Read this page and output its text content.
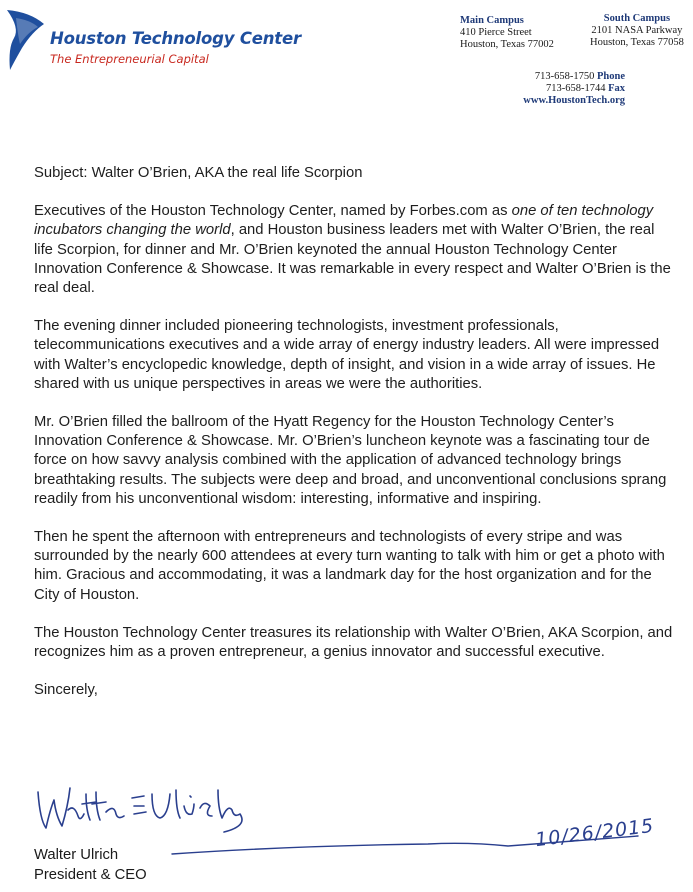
Houston Technology Center
The Entrepreneurial Capital
Main Campus
410 Pierce Street
Houston, Texas 77002
South Campus
2101 NASA Parkway
Houston, Texas 77058
713-658-1750 Phone
713-658-1744 Fax
www.HoustonTech.org

Subject: Walter O’Brien, AKA the real life Scorpion

Executives of the Houston Technology Center, named by Forbes.com as one of ten technology incubators changing the world, and Houston business leaders met with Walter O’Brien, the real life Scorpion, for dinner and Mr. O’Brien keynoted the annual Houston Technology Center Innovation Conference & Showcase. It was remarkable in every respect and Walter O’Brien is the real deal.

The evening dinner included pioneering technologists, investment professionals, telecommunications executives and a wide array of energy industry leaders. All were impressed with Walter’s encyclopedic knowledge, depth of insight, and vision in a wide array of issues. He shared with us unique perspectives in areas we were the authorities.

Mr. O’Brien filled the ballroom of the Hyatt Regency for the Houston Technology Center’s Innovation Conference & Showcase. Mr. O’Brien’s luncheon keynote was a fascinating tour de force on how savvy analysis combined with the application of advanced technology brings breathtaking results. The subjects were deep and broad, and unconventional conclusions sprang readily from his unconventional wisdom: interesting, informative and inspiring.

Then he spent the afternoon with entrepreneurs and technologists of every stripe and was surrounded by the nearly 600 attendees at every turn wanting to talk with him or get a photo with him. Gracious and accommodating, it was a landmark day for the host organization and for the City of Houston.

The Houston Technology Center treasures its relationship with Walter O’Brien, AKA Scorpion, and recognizes him as a proven entrepreneur, a genius innovator and successful executive.

Sincerely,

10/26/2015
Walter Ulrich
President & CEO
